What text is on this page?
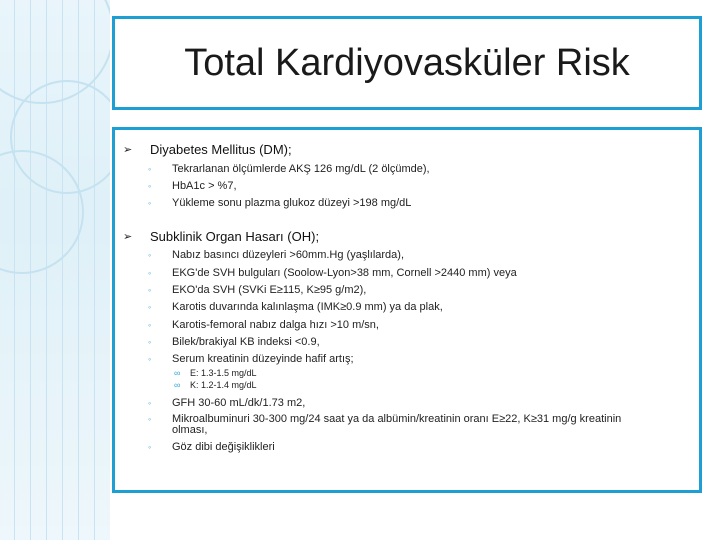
Total Kardiyovasküler Risk
➢ Diyabetes Mellitus (DM);
◦ Tekrarlanan ölçümlerde AKŞ 126 mg/dL (2 ölçümde),
◦ HbA1c > %7,
◦ Yükleme sonu plazma glukoz düzeyi >198 mg/dL
➢ Subklinik Organ Hasarı (OH);
◦ Nabız basıncı düzeyleri >60mm.Hg (yaşlılarda),
◦ EKG'de SVH bulguları (Soolow-Lyon>38 mm, Cornell >2440 mm) veya
◦ EKO'da SVH (SVKi E≥115, K≥95 g/m2),
◦ Karotis duvarında kalınlaşma (IMK≥0.9 mm) ya da plak,
◦ Karotis-femoral nabız dalga hızı >10 m/sn,
◦ Bilek/brakiyal KB indeksi <0.9,
◦ Serum kreatinin düzeyinde hafif artış;
∞ E: 1.3-1.5 mg/dL
∞ K: 1.2-1.4 mg/dL
◦ GFH 30-60 mL/dk/1.73 m2,
◦ Mikroalbuminuri 30-300 mg/24 saat ya da albümin/kreatinin oranı E≥22, K≥31 mg/g kreatinin
olması,
◦ Göz dibi değişiklikleri
